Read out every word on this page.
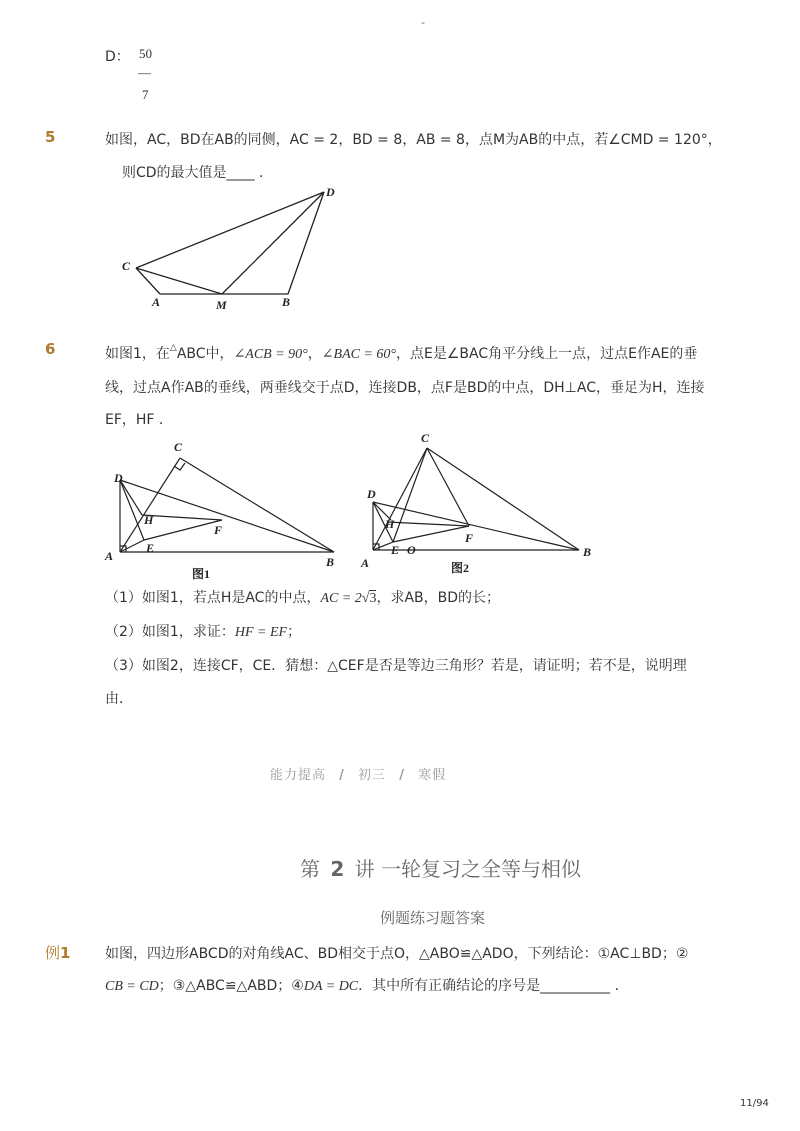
-
D： 50
—
7
5	如图，AC，BD在AB的同侧，AC = 2，BD = 8，AB = 8，点M为AB的中点，若∠CMD = 120°，
则CD的最大值是____ .
D
C
A	M	B
6	如图1，在△ABC中，∠ACB = 90°，∠BAC = 60°，点E是∠BAC角平分线上一点，过点E作AE的垂
线，过点A作AB的垂线，两垂线交于点D，连接DB，点F是BD的中点，DH⊥AC，垂足为H，连接
EF，HF .
C
D
H
F
A
E
B
图1
C
D
H
F
A
E O	B
图2
（1）如图1，若点H是AC的中点，AC = 2√3，求AB，BD的长；
（2）如图1，求证：HF = EF；
（3）如图2，连接CF，CE．猜想：△CEF是否是等边三角形？若是，请证明；若不是，说明理
由．
能力提高 / 初三 / 寒假
第 2 讲 一轮复习之全等与相似
例题练习题答案
例1 如图，四边形ABCD的对角线AC、BD相交于点O，△ABO≌△ADO，下列结论：①AC⊥BD；②
CB = CD；③△ABC≌△ABD；④DA = DC．其中所有正确结论的序号是__________ .
11/94
